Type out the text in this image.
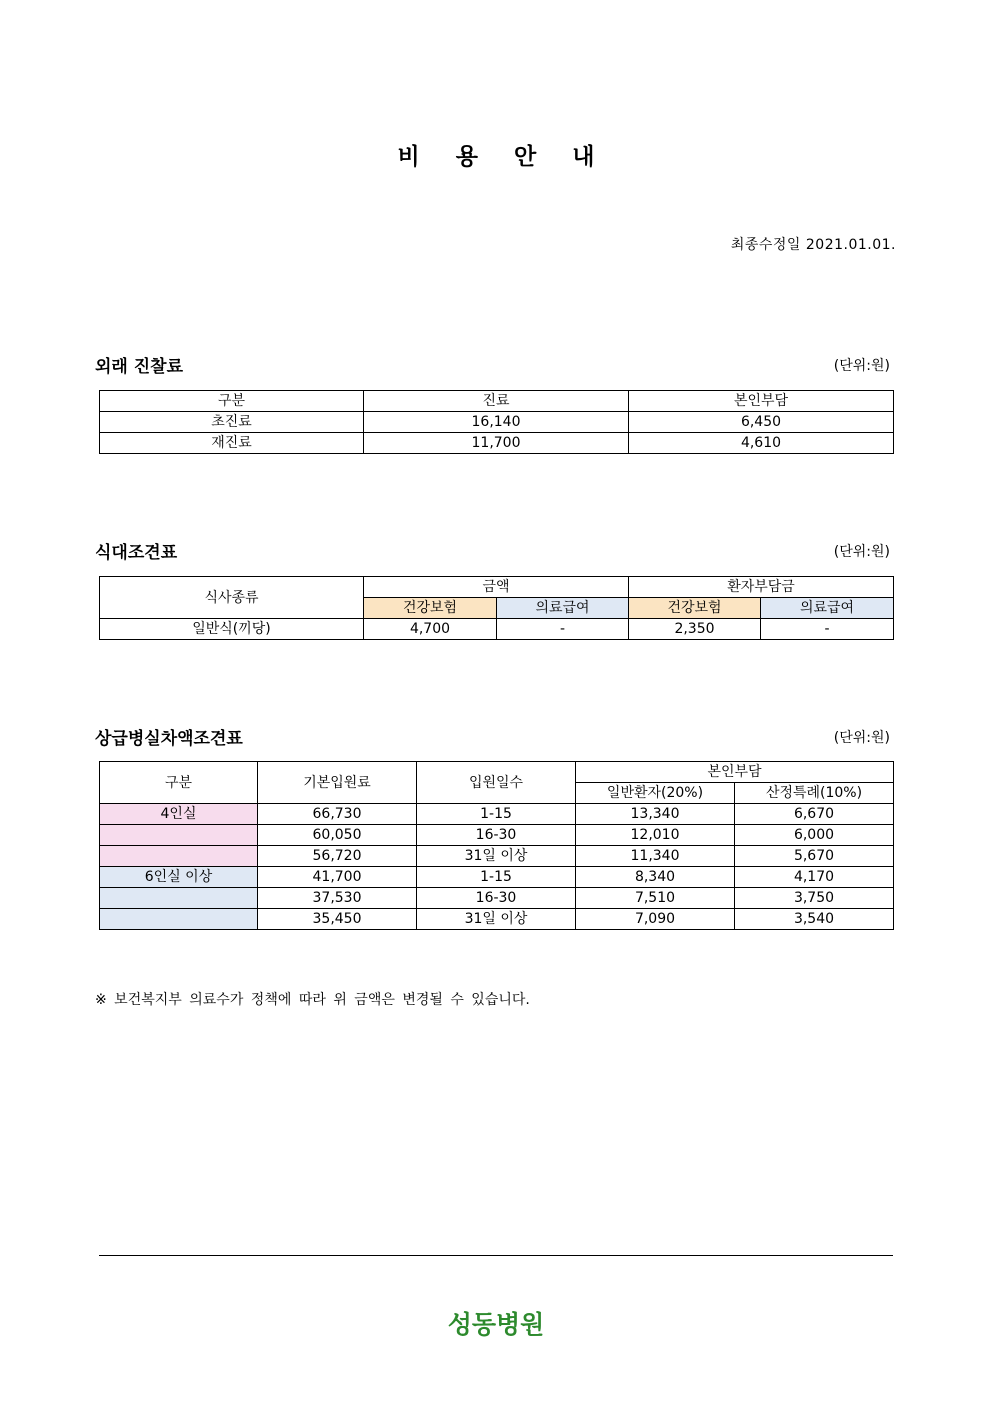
비 용 안 내
최종수정일 2021.01.01.
외래 진찰료	(단위:원)
구분	진료	본인부담
초진료	16,140	6,450
재진료	11,700	4,610
식대조견표	(단위:원)
식사종류	금액		환자부담금	
	건강보험	의료급여	건강보험	의료급여
일반식(끼당)	4,700	-	2,350	-
상급병실차액조견표	(단위:원)
구분	기본입원료	입원일수	본인부담	
			일반환자(20%)	산정특례(10%)
4인실	66,730	1-15	13,340	6,670
	60,050	16-30	12,010	6,000
	56,720	31일 이상	11,340	5,670
6인실 이상	41,700	1-15	8,340	4,170
	37,530	16-30	7,510	3,750
	35,450	31일 이상	7,090	3,540
※ 보건복지부 의료수가 정책에 따라 위 금액은 변경될 수 있습니다.
성동병원
